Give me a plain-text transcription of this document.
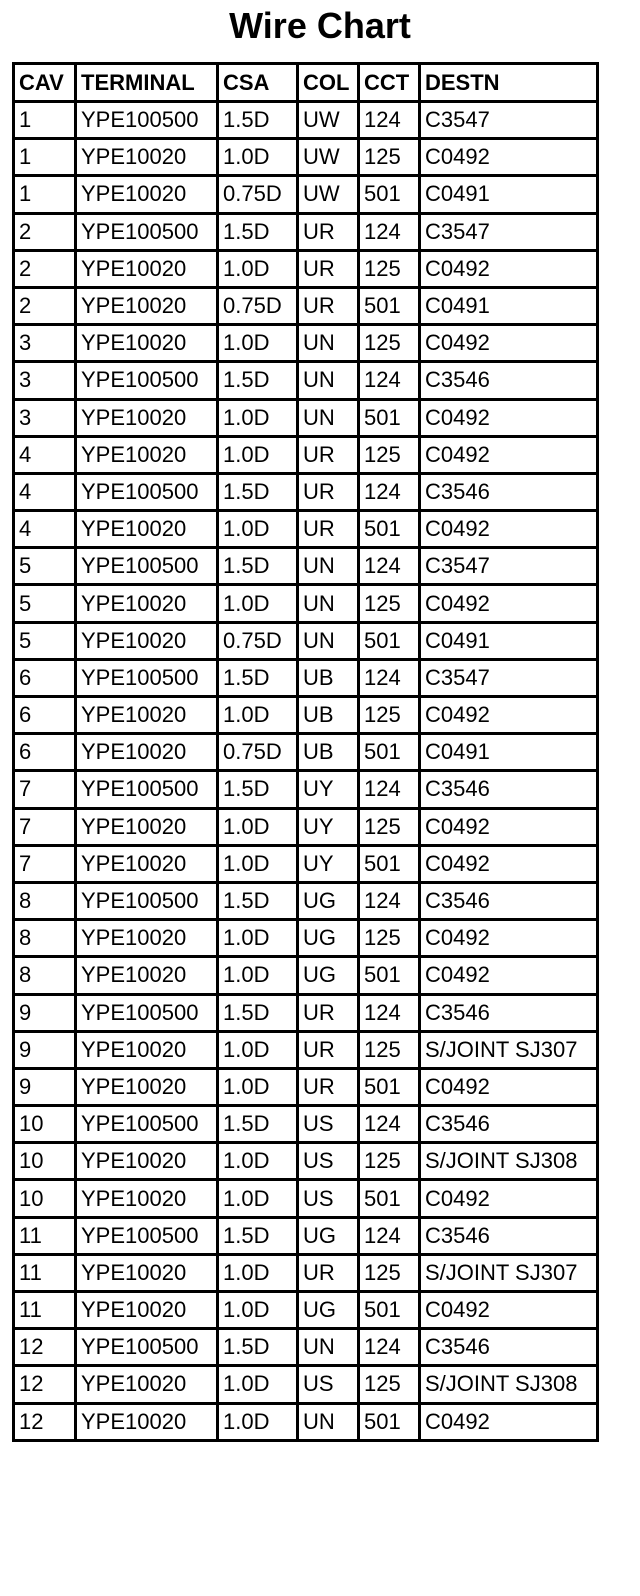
Wire Chart
CAV	TERMINAL	CSA	COL	CCT	DESTN
1	YPE100500	1.5D	UW	124	C3547
1	YPE10020	1.0D	UW	125	C0492
1	YPE10020	0.75D	UW	501	C0491
2	YPE100500	1.5D	UR	124	C3547
2	YPE10020	1.0D	UR	125	C0492
2	YPE10020	0.75D	UR	501	C0491
3	YPE10020	1.0D	UN	125	C0492
3	YPE100500	1.5D	UN	124	C3546
3	YPE10020	1.0D	UN	501	C0492
4	YPE10020	1.0D	UR	125	C0492
4	YPE100500	1.5D	UR	124	C3546
4	YPE10020	1.0D	UR	501	C0492
5	YPE100500	1.5D	UN	124	C3547
5	YPE10020	1.0D	UN	125	C0492
5	YPE10020	0.75D	UN	501	C0491
6	YPE100500	1.5D	UB	124	C3547
6	YPE10020	1.0D	UB	125	C0492
6	YPE10020	0.75D	UB	501	C0491
7	YPE100500	1.5D	UY	124	C3546
7	YPE10020	1.0D	UY	125	C0492
7	YPE10020	1.0D	UY	501	C0492
8	YPE100500	1.5D	UG	124	C3546
8	YPE10020	1.0D	UG	125	C0492
8	YPE10020	1.0D	UG	501	C0492
9	YPE100500	1.5D	UR	124	C3546
9	YPE10020	1.0D	UR	125	S/JOINT SJ307
9	YPE10020	1.0D	UR	501	C0492
10	YPE100500	1.5D	US	124	C3546
10	YPE10020	1.0D	US	125	S/JOINT SJ308
10	YPE10020	1.0D	US	501	C0492
11	YPE100500	1.5D	UG	124	C3546
11	YPE10020	1.0D	UR	125	S/JOINT SJ307
11	YPE10020	1.0D	UG	501	C0492
12	YPE100500	1.5D	UN	124	C3546
12	YPE10020	1.0D	US	125	S/JOINT SJ308
12	YPE10020	1.0D	UN	501	C0492
